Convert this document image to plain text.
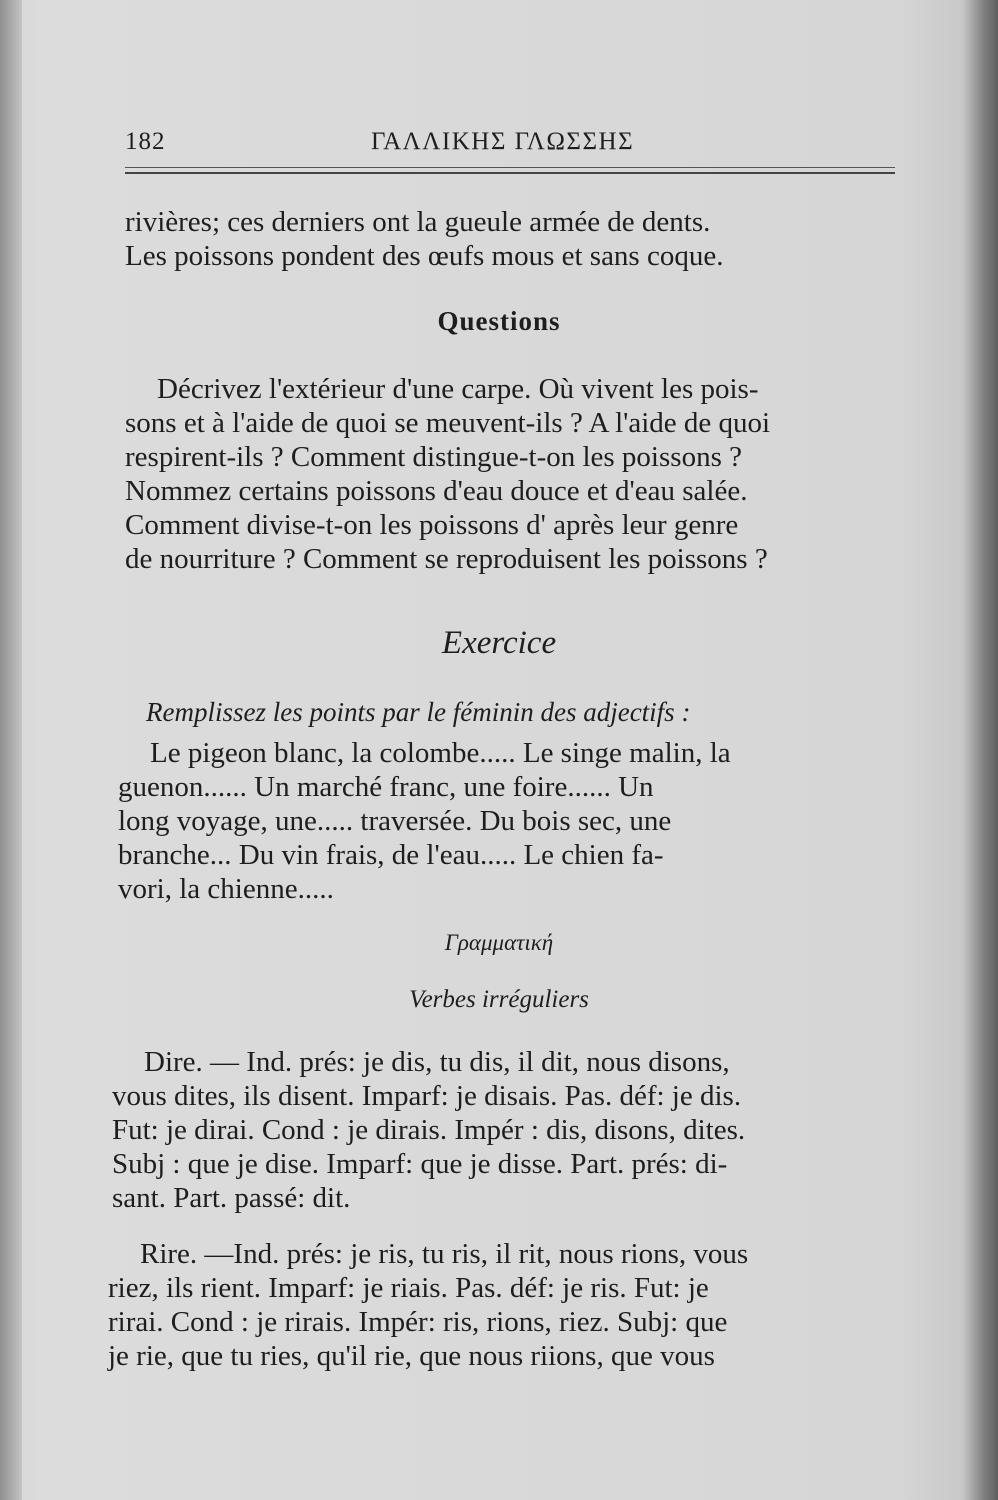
182	ΓΑΛΛΙΚΗΣ ΓΛΩΣΣΗΣ
rivières; ces derniers ont la gueule armée de dents.
Les poissons pondent des œufs mous et sans coque.
Questions
Décrivez l'extérieur d'une carpe. Où vivent les pois-
sons et à l'aide de quoi se meuvent-ils ? A l'aide de quoi
respirent-ils ? Comment distingue-t-on les poissons ?
Nommez certains poissons d'eau douce et d'eau salée.
Comment divise-t-on les poissons d' après leur genre
de nourriture ? Comment se reproduisent les poissons ?
Exercice
Remplissez les points par le féminin des adjectifs :
Le pigeon blanc, la colombe..... Le singe malin, la
guenon...... Un marché franc, une foire...... Un
long voyage, une..... traversée. Du bois sec, une
branche... Du vin frais, de l'eau..... Le chien fa-
vori, la chienne.....
Γραμματική
Verbes irréguliers
Dire. — Ind. prés: je dis, tu dis, il dit, nous disons,
vous dites, ils disent. Imparf: je disais. Pas. déf: je dis.
Fut: je dirai. Cond : je dirais. Impér : dis, disons, dites.
Subj : que je dise. Imparf: que je disse. Part. prés: di-
sant. Part. passé: dit.
Rire. —Ind. prés: je ris, tu ris, il rit, nous rions, vous
riez, ils rient. Imparf: je riais. Pas. déf: je ris. Fut: je
rirai. Cond : je rirais. Impér: ris, rions, riez. Subj: que
je rie, que tu ries, qu'il rie, que nous riions, que vous
